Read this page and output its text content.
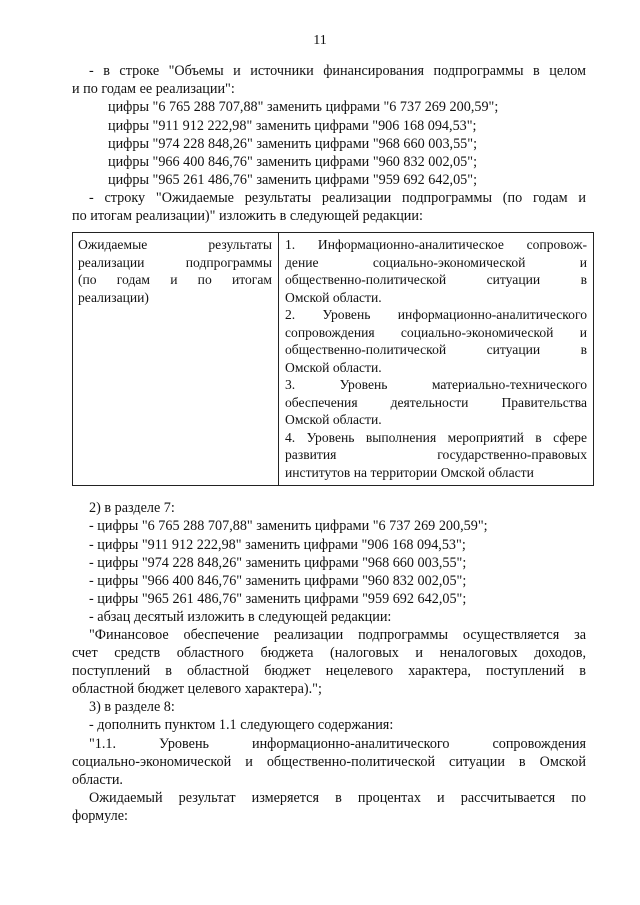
11
- в строке "Объемы и источники финансирования подпрограммы в целом
и по годам ее реализации":
цифры "6 765 288 707,88" заменить цифрами "6 737 269 200,59";
цифры "911 912 222,98" заменить цифрами "906 168 094,53";
цифры "974 228 848,26" заменить цифрами "968 660 003,55";
цифры "966 400 846,76" заменить цифрами "960 832 002,05";
цифры "965 261 486,76" заменить цифрами "959 692 642,05";
- строку "Ожидаемые результаты реализации подпрограммы (по годам и
по итогам реализации)" изложить в следующей редакции:
Ожидаемые результаты
реализации подпрограммы
(по годам и по итогам
реализации)
1. Информационно-аналитическое сопровож-
дение социально-экономической и
общественно-политической ситуации в
Омской области.
2. Уровень информационно-аналитического
сопровождения социально-экономической и
общественно-политической ситуации в
Омской области.
3. Уровень материально-технического
обеспечения деятельности Правительства
Омской области.
4. Уровень выполнения мероприятий в сфере
развития государственно-правовых
институтов на территории Омской области
2) в разделе 7:
- цифры "6 765 288 707,88" заменить цифрами "6 737 269 200,59";
- цифры "911 912 222,98" заменить цифрами "906 168 094,53";
- цифры "974 228 848,26" заменить цифрами "968 660 003,55";
- цифры "966 400 846,76" заменить цифрами "960 832 002,05";
- цифры "965 261 486,76" заменить цифрами "959 692 642,05";
- абзац десятый изложить в следующей редакции:
"Финансовое обеспечение реализации подпрограммы осуществляется за
счет средств областного бюджета (налоговых и неналоговых доходов,
поступлений в областной бюджет нецелевого характера, поступлений в
областной бюджет целевого характера).";
3) в разделе 8:
- дополнить пунктом 1.1 следующего содержания:
"1.1. Уровень информационно-аналитического сопровождения
социально-экономической и общественно-политической ситуации в Омской
области.
Ожидаемый результат измеряется в процентах и рассчитывается по
формуле:
